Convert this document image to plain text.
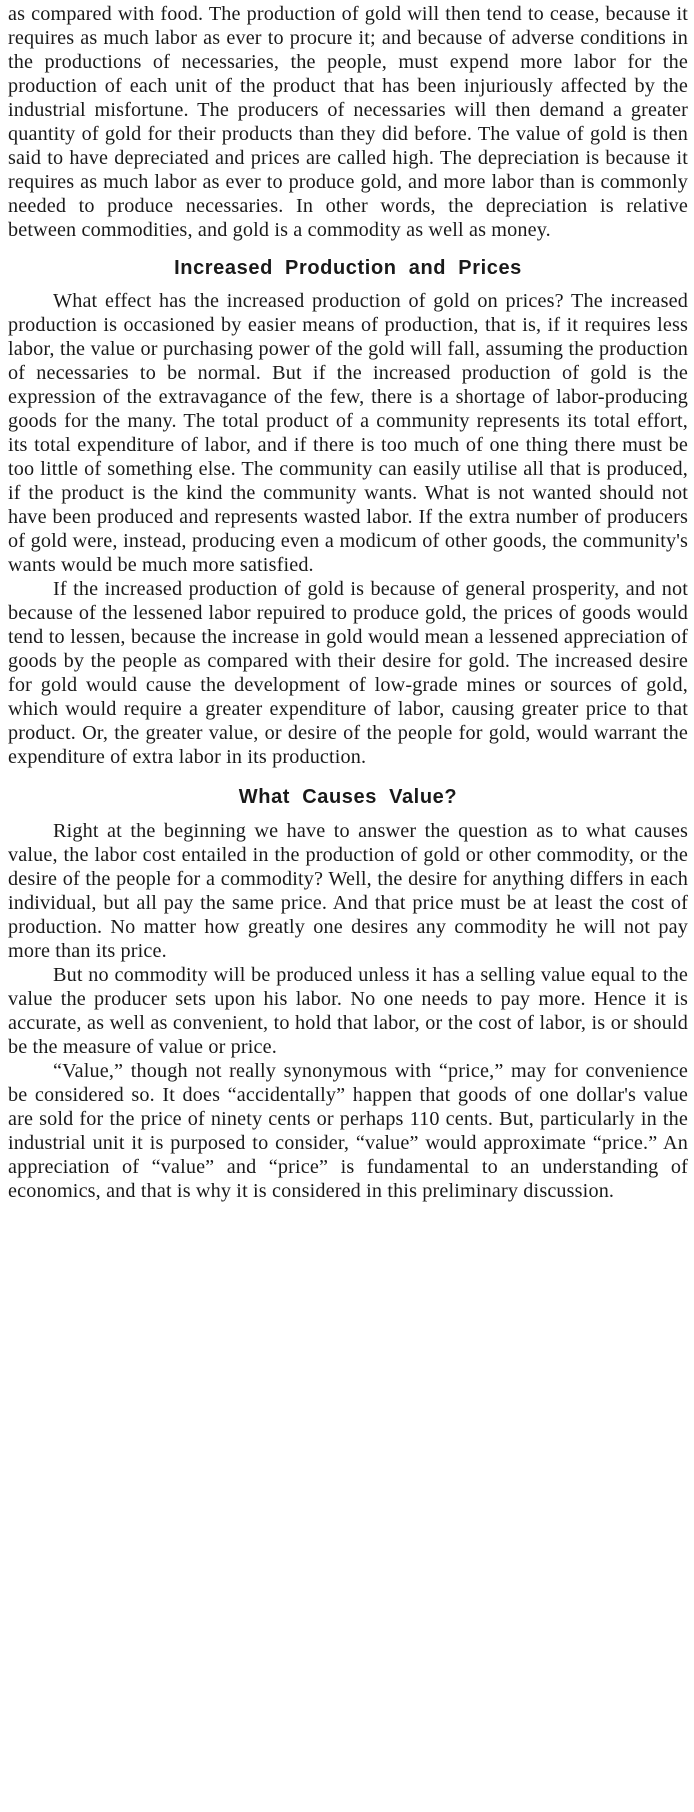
as compared with food. The production of gold will then tend to cease, because it requires as much labor as ever to procure it; and because of adverse conditions in the productions of necessaries, the people, must expend more labor for the production of each unit of the product that has been injuriously affected by the industrial misfortune. The producers of necessaries will then demand a greater quantity of gold for their products than they did before. The value of gold is then said to have depreciated and prices are called high. The depreciation is because it requires as much labor as ever to produce gold, and more labor than is commonly needed to produce necessaries. In other words, the depreciation is relative between commodities, and gold is a commodity as well as money.

Increased Production and Prices

What effect has the increased production of gold on prices? The increased production is occasioned by easier means of production, that is, if it requires less labor, the value or purchasing power of the gold will fall, assuming the production of necessaries to be normal. But if the increased production of gold is the expression of the extravagance of the few, there is a shortage of labor-producing goods for the many. The total product of a community represents its total effort, its total expenditure of labor, and if there is too much of one thing there must be too little of something else. The community can easily utilise all that is produced, if the product is the kind the community wants. What is not wanted should not have been produced and represents wasted labor. If the extra number of producers of gold were, instead, producing even a modicum of other goods, the community's wants would be much more satisfied.

If the increased production of gold is because of general prosperity, and not because of the lessened labor repuired to produce gold, the prices of goods would tend to lessen, because the increase in gold would mean a lessened appreciation of goods by the people as compared with their desire for gold. The increased desire for gold would cause the development of low-grade mines or sources of gold, which would require a greater expenditure of labor, causing greater price to that product. Or, the greater value, or desire of the people for gold, would warrant the expenditure of extra labor in its production.

What Causes Value?

Right at the beginning we have to answer the question as to what causes value, the labor cost entailed in the production of gold or other commodity, or the desire of the people for a commodity? Well, the desire for anything differs in each individual, but all pay the same price. And that price must be at least the cost of production. No matter how greatly one desires any commodity he will not pay more than its price.

But no commodity will be produced unless it has a selling value equal to the value the producer sets upon his labor. No one needs to pay more. Hence it is accurate, as well as convenient, to hold that labor, or the cost of labor, is or should be the measure of value or price.

“Value,” though not really synonymous with “price,” may for convenience be considered so. It does “accidentally” happen that goods of one dollar's value are sold for the price of ninety cents or perhaps 110 cents. But, particularly in the industrial unit it is purposed to consider, “value” would approximate “price.” An appreciation of “value” and “price” is fundamental to an understanding of economics, and that is why it is considered in this preliminary discussion.
